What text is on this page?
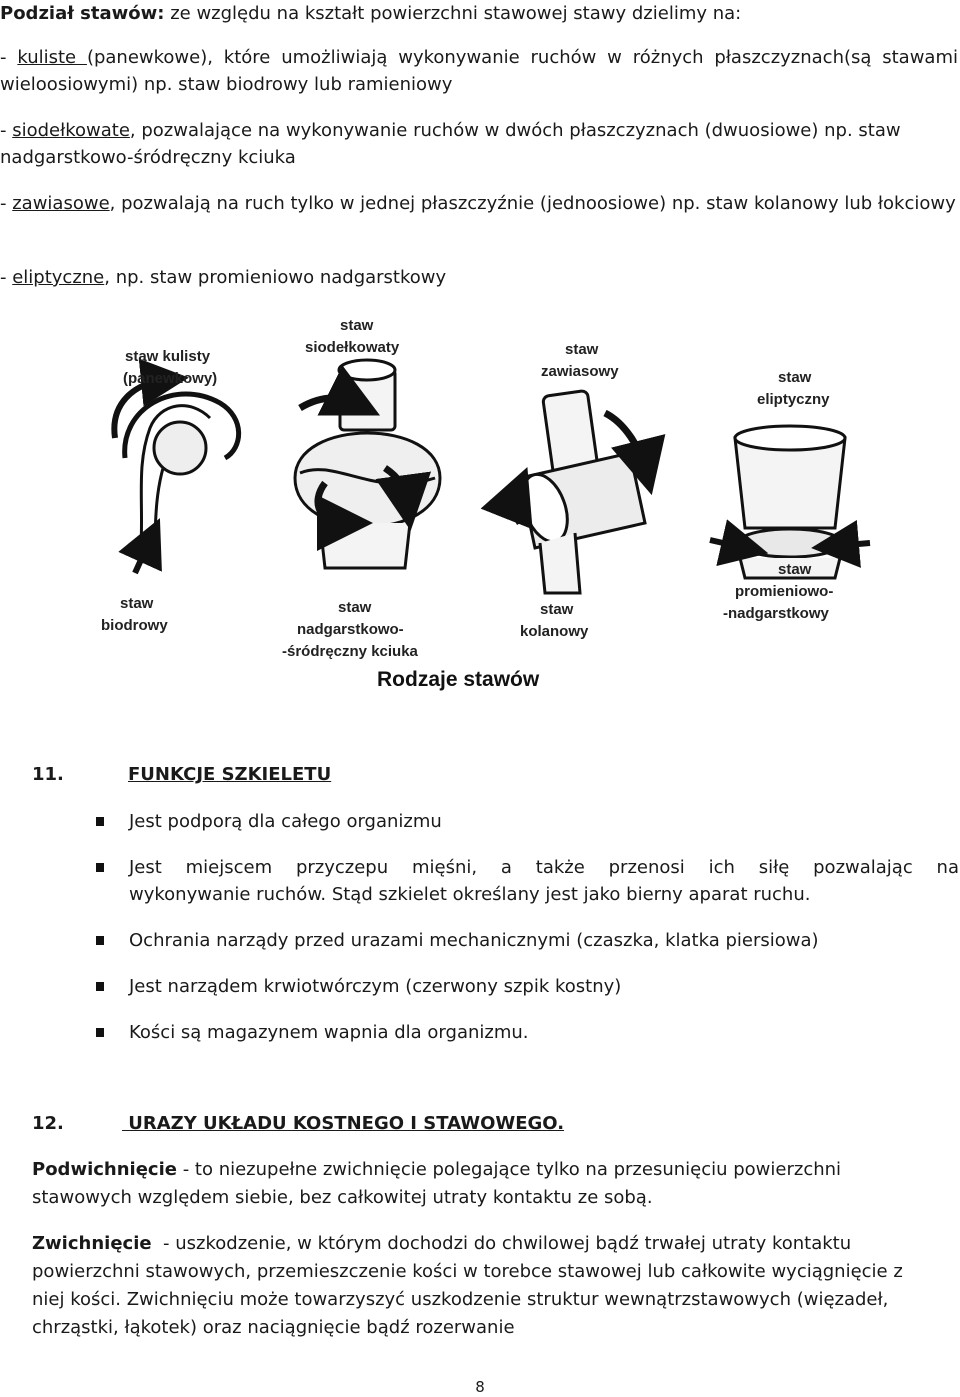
Podział stawów: ze względu na kształt powierzchni stawowej stawy dzielimy na:
- kuliste (panewkowe), które umożliwiają wykonywanie ruchów w różnych płaszczyznach(są stawami wieloosiowymi) np. staw biodrowy lub ramieniowy
- siodełkowate, pozwalające na wykonywanie ruchów w dwóch płaszczyznach (dwuosiowe) np. staw nadgarstkowo-śródręczny kciuka
- zawiasowe, pozwalają na ruch tylko w jednej płaszczyźnie (jednoosiowe) np. staw kolanowy lub łokciowy
- eliptyczne, np. staw promieniowo nadgarstkowy
staw kulisty
(panewkowy)
staw
siodełkowaty	staw
zawiasowy	staw
eliptyczny
staw
biodrowy
staw
nadgarstkowo-
-śródręczny kciuka
staw
kolanowy
staw
promieniowo-
-nadgarstkowy
Rodzaje stawów
11.	FUNKCJE SZKIELETU
Jest podporą dla całego organizmu
Jest miejscem przyczepu mięśni, a także przenosi ich siłę pozwalając na
wykonywanie ruchów. Stąd szkielet określany jest jako bierny aparat ruchu.
Ochrania narządy przed urazami mechanicznymi (czaszka, klatka piersiowa)
Jest narządem krwiotwórczym (czerwony szpik kostny)
Kości są magazynem wapnia dla organizmu.
12.	URAZY UKŁADU KOSTNEGO I STAWOWEGO.
Podwichnięcie - to niezupełne zwichnięcie polegające tylko na przesunięciu powierzchni stawowych względem siebie, bez całkowitej utraty kontaktu ze sobą.
Zwichnięcie  - uszkodzenie, w którym dochodzi do chwilowej bądź trwałej utraty kontaktu powierzchni stawowych, przemieszczenie kości w torebce stawowej lub całkowite wyciągnięcie z niej kości. Zwichnięciu może towarzyszyć uszkodzenie struktur wewnątrzstawowych (więzadeł, chrząstki, łąkotek) oraz naciągnięcie bądź rozerwanie
8
